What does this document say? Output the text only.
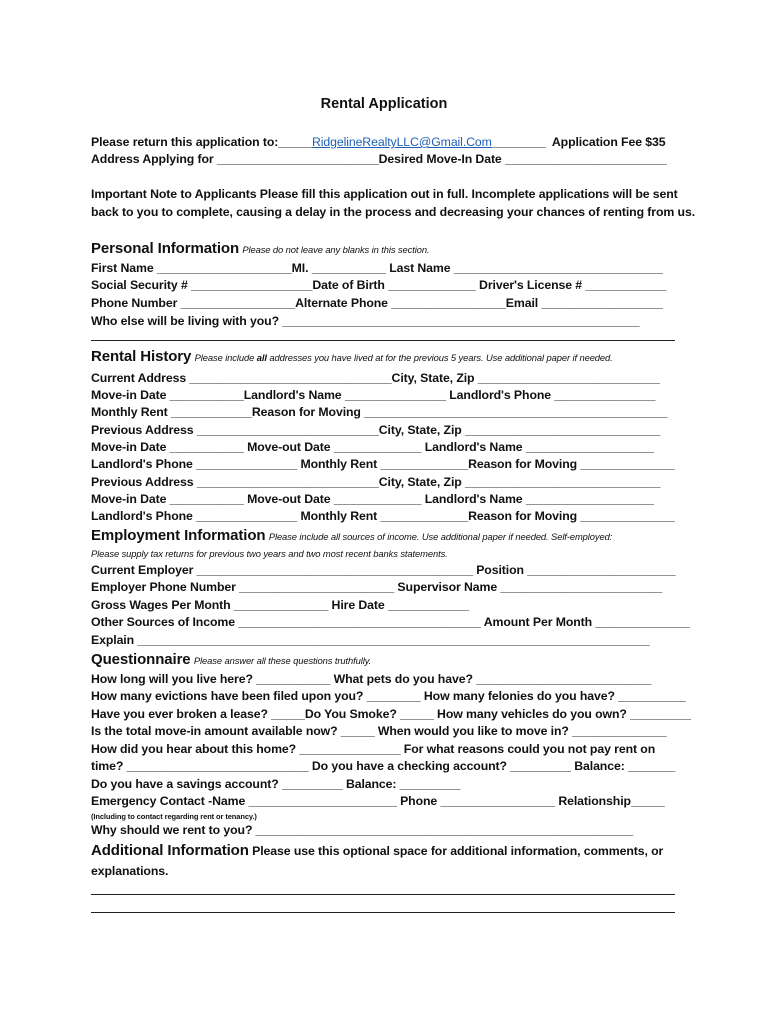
Rental Application
Please return this application to:_____RidgelineRealtyLLC@Gmail.Com________  Application Fee $35
Address Applying for ________________________Desired Move-In Date ________________________
Important Note to Applicants Please fill this application out in full. Incomplete applications will be sent
back to you to complete, causing a delay in the process and decreasing your chances of renting from us.
Personal Information Please do not leave any blanks in this section.
First Name ____________________MI. ___________ Last Name _______________________________
Social Security # __________________Date of Birth _____________ Driver's License # ____________
Phone Number _________________Alternate Phone _________________Email __________________
Who else will be living with you? _____________________________________________________
Rental History Please include all addresses you have lived at for the previous 5 years. Use additional paper if needed.
Current Address ______________________________City, State, Zip ___________________________
Move-in Date ___________Landlord's Name _______________ Landlord's Phone _______________
Monthly Rent ____________Reason for Moving _____________________________________________
Previous Address ___________________________City, State, Zip _____________________________
Move-in Date ___________ Move-out Date _____________ Landlord's Name ___________________
Landlord's Phone _______________ Monthly Rent _____________Reason for Moving ______________
Previous Address ___________________________City, State, Zip _____________________________
Move-in Date ___________ Move-out Date _____________ Landlord's Name ___________________
Landlord's Phone _______________ Monthly Rent _____________Reason for Moving ______________
Employment Information Please include all sources of income. Use additional paper if needed. Self-employed:
Please supply tax returns for previous two years and two most recent banks statements.
Current Employer _________________________________________ Position ______________________
Employer Phone Number _______________________ Supervisor Name ________________________
Gross Wages Per Month ______________ Hire Date ____________
Other Sources of Income ____________________________________ Amount Per Month ______________
Explain ____________________________________________________________________________
Questionnaire Please answer all these questions truthfully.
How long will you live here? ___________ What pets do you have? __________________________
How many evictions have been filed upon you? ________ How many felonies do you have? __________
Have you ever broken a lease? _____Do You Smoke? _____ How many vehicles do you own? _________
Is the total move-in amount available now? _____ When would you like to move in? ______________
How did you hear about this home? _______________ For what reasons could you not pay rent on
time? ___________________________ Do you have a checking account? _________ Balance: _______
Do you have a savings account? _________ Balance: _________
Emergency Contact -Name ______________________ Phone _________________ Relationship_____
(Including to contact regarding rent or tenancy.)
Why should we rent to you? ________________________________________________________
Additional Information Please use this optional space for additional information, comments, or
explanations.
